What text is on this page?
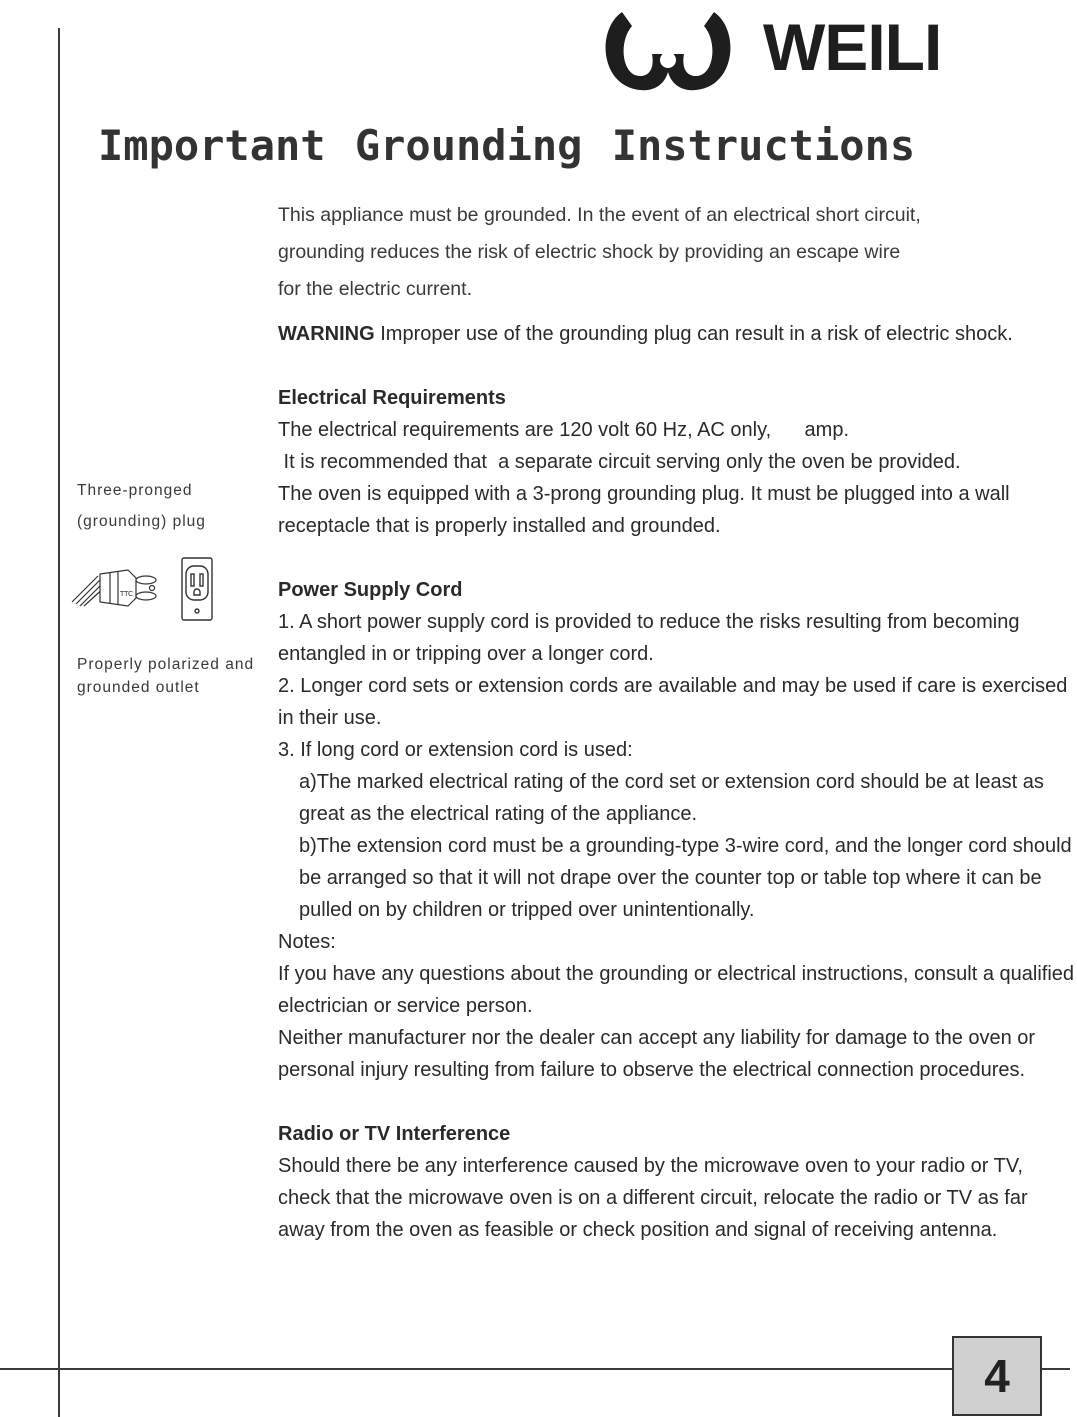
WEILI
Important Grounding Instructions

This appliance must be grounded. In the event of an electrical short circuit,

grounding reduces the risk of electric shock by providing an escape wire

for the electric current.

Three-pronged
(grounding) plug
TTC
Properly polarized and
grounded outlet

WARNING Improper use of the grounding plug can result in a risk of electric shock.

Electrical Requirements

The electrical requirements are 120 volt 60 Hz, AC only,      amp.

It is recommended that  a separate circuit serving only the oven be provided.

The oven is equipped with a 3-prong grounding plug. It must be plugged into a wall receptacle that is properly installed and grounded.

Power Supply Cord

1. A short power supply cord is provided to reduce the risks resulting from becoming entangled in or tripping over a longer cord.

2. Longer cord sets or extension cords are available and may be used if care is exercised in their use.

3. If long cord or extension cord is used:

a)The marked electrical rating of the cord set or extension cord should be at least as great as the electrical rating of the appliance.

b)The extension cord must be a grounding-type 3-wire cord, and the longer cord should be arranged so that it will not drape over the counter top or table top where it can be pulled on by children or tripped over unintentionally.

Notes:

If you have any questions about the grounding or electrical instructions, consult a qualified electrician or service person.

Neither manufacturer nor the dealer can accept any liability for damage to the oven or personal injury resulting from failure to observe the electrical connection procedures.

Radio or TV Interference

Should there be any interference caused by the microwave oven to your radio or TV, check that the microwave oven is on a different circuit, relocate the radio or TV as far away from the oven as feasible or check position and signal of receiving antenna.

4
